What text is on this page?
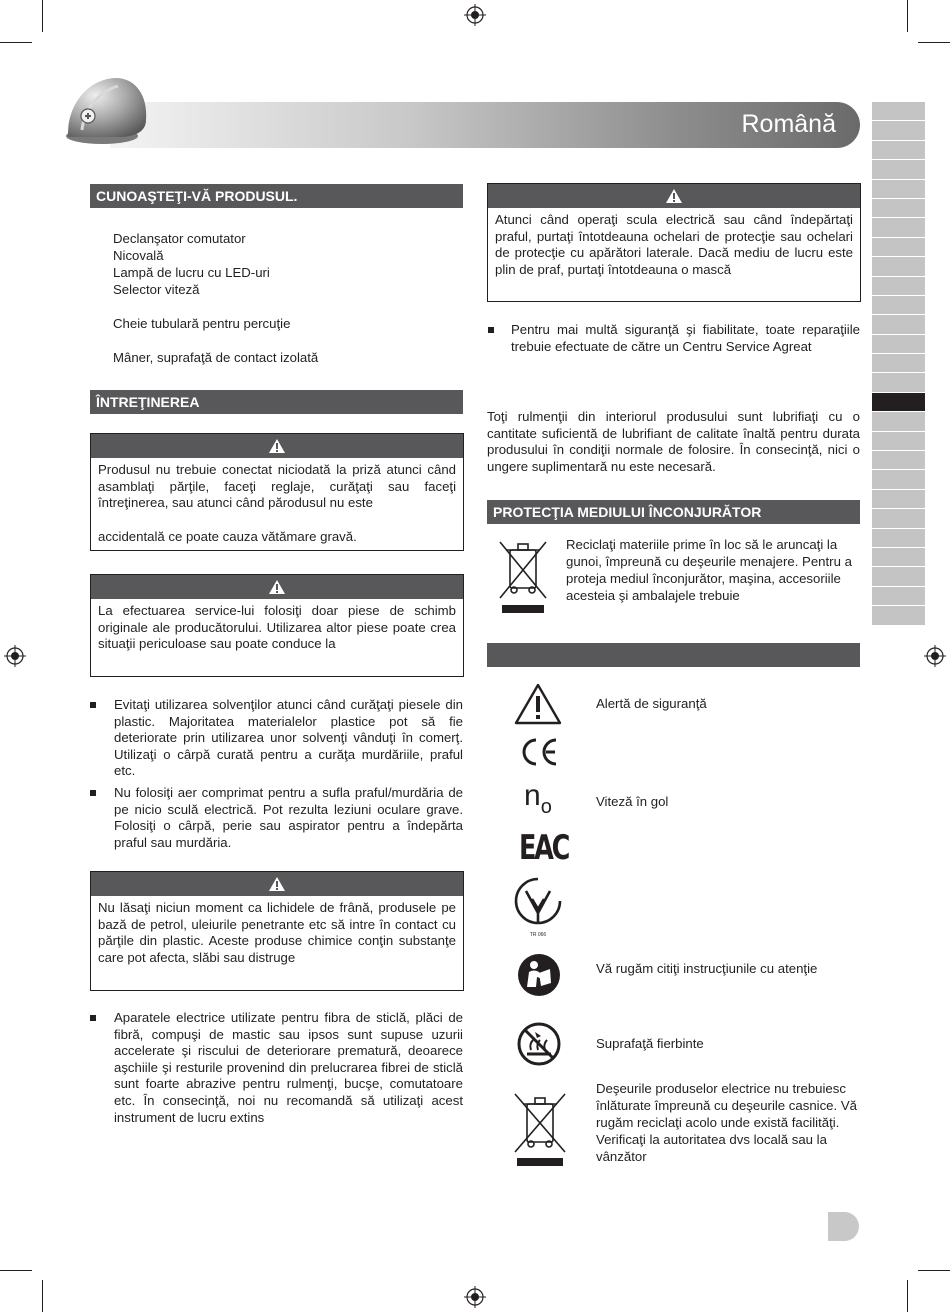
Română
CUNOAŞTEŢI-VĂ PRODUSUL.
Declanşator comutator
Nicovală
Lampă de lucru cu LED-uri
Selector viteză
Cheie tubulară pentru percuţie
Mâner, suprafaţă de contact izolată
ÎNTREŢINEREA
Produsul nu trebuie conectat niciodată la priză atunci când asamblaţi părţile, faceţi reglaje, curăţaţi sau faceţi întreţinerea, sau atunci când părodusul nu este
accidentală ce poate cauza vătămare gravă.
La efectuarea service-lui folosiţi doar piese de schimb originale ale producătorului. Utilizarea altor piese poate crea situaţii periculoase sau poate conduce la
Evitaţi utilizarea solvenţilor atunci când curăţaţi piesele din plastic. Majoritatea materialelor plastice pot să fie deteriorate prin utilizarea unor solvenţi vânduţi în comerţ. Utilizaţi o cârpă curată pentru a curăţa murdăriile, praful etc.
Nu folosiţi aer comprimat pentru a sufla praful/murdăria de pe nicio sculă electrică. Pot rezulta leziuni oculare grave. Folosiţi o cârpă, perie sau aspirator pentru a îndepărta praful sau murdăria.
Nu lăsaţi niciun moment ca lichidele de frână, produsele pe bază de petrol, uleiurile penetrante etc să intre în contact cu părţile din plastic. Aceste produse chimice conţin substanţe care pot afecta, slăbi sau distruge
Aparatele electrice utilizate pentru fibra de sticlă, plăci de fibră, compuşi de mastic sau ipsos sunt supuse uzurii accelerate şi riscului de deteriorare prematură, deoarece aşchiile şi resturile provenind din prelucrarea fibrei de sticlă sunt foarte abrazive pentru rulmenţi, bucşe, comutatoare etc. În consecinţă, noi nu recomandă să utilizaţi acest instrument de lucru extins
Atunci când operaţi scula electrică sau când îndepărtaţi praful, purtaţi întotdeauna ochelari de protecţie sau ochelari de protecţie cu apărători laterale. Dacă mediu de lucru este plin de praf, purtaţi întotdeauna o mască
Pentru mai multă siguranţă şi fiabilitate, toate reparaţiile trebuie efectuate de către un Centru Service Agreat
Toţi rulmenţii din interiorul produsului sunt lubrifiaţi cu o cantitate suficientă de lubrifiant de calitate înaltă pentru durata produsului în condiţii normale de folosire. În consecinţă, nici o ungere suplimentară nu este necesară.
PROTECŢIA MEDIULUI ÎNCONJURĂTOR
Reciclaţi materiile prime în loc să le aruncaţi la gunoi, împreună cu deşeurile menajere. Pentru a proteja mediul înconjurător, maşina, accesoriile acesteia şi ambalajele trebuie
Alertă de siguranţă
$n_o$	Viteză în gol
EAC
TR 066
Vă rugăm citiţi instrucţiunile cu atenţie
Suprafaţă fierbinte
Deşeurile produselor electrice nu trebuiesc înlăturate împreună cu deşeurile casnice. Vă rugăm reciclaţi acolo unde există facilităţi. Verificaţi la autoritatea dvs locală sau la vânzător
